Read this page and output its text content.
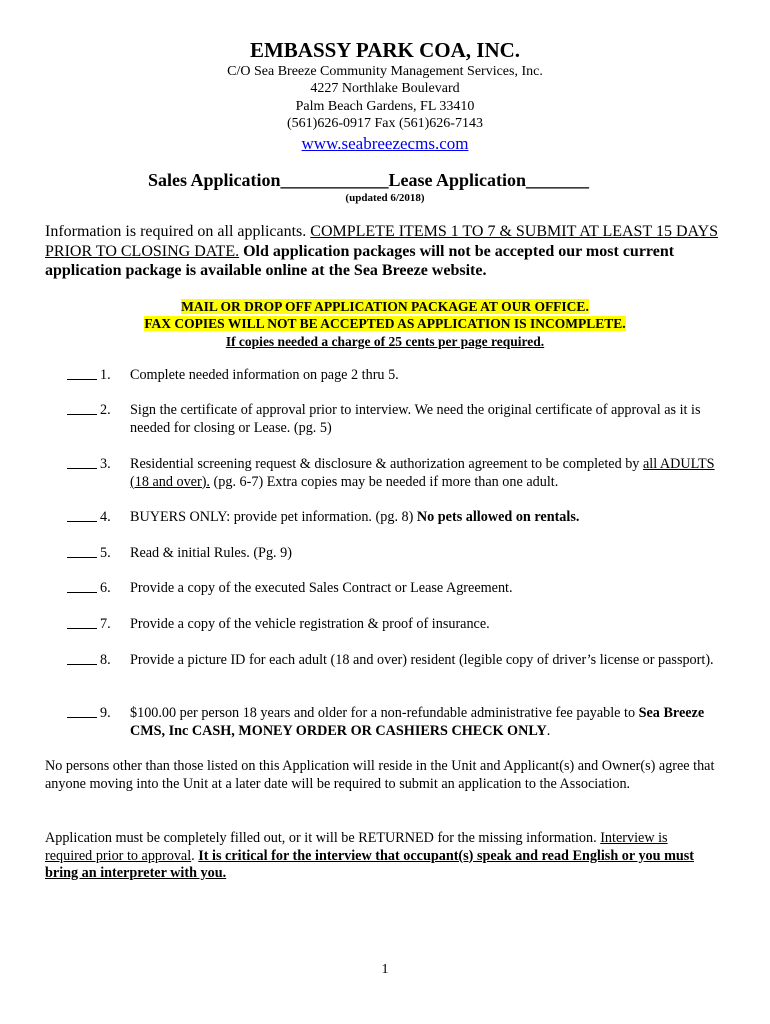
EMBASSY PARK COA, INC.
C/O Sea Breeze Community Management Services, Inc.
4227 Northlake Boulevard
Palm Beach Gardens, FL 33410
(561)626-0917 Fax (561)626-7143
www.seabreezecms.com
Sales Application____________Lease Application_______
(updated 6/2018)
Information is required on all applicants. COMPLETE ITEMS 1 TO 7 & SUBMIT AT LEAST 15 DAYS PRIOR TO CLOSING DATE. Old application packages will not be accepted our most current application package is available online at the Sea Breeze website.
MAIL OR DROP OFF APPLICATION PACKAGE AT OUR OFFICE.
FAX COPIES WILL NOT BE ACCEPTED AS APPLICATION IS INCOMPLETE.
If copies needed a charge of 25 cents per page required.
1. Complete needed information on page 2 thru 5.
2. Sign the certificate of approval prior to interview. We need the original certificate of approval as it is needed for closing or Lease. (pg. 5)
3. Residential screening request & disclosure & authorization agreement to be completed by all ADULTS (18 and over). (pg. 6-7) Extra copies may be needed if more than one adult.
4. BUYERS ONLY: provide pet information. (pg. 8) No pets allowed on rentals.
5. Read & initial Rules. (Pg. 9)
6. Provide a copy of the executed Sales Contract or Lease Agreement.
7. Provide a copy of the vehicle registration & proof of insurance.
8. Provide a picture ID for each adult (18 and over) resident (legible copy of driver’s license or passport).
9. $100.00 per person 18 years and older for a non-refundable administrative fee payable to Sea Breeze CMS, Inc CASH, MONEY ORDER OR CASHIERS CHECK ONLY.
No persons other than those listed on this Application will reside in the Unit and Applicant(s) and Owner(s) agree that anyone moving into the Unit at a later date will be required to submit an application to the Association.
Application must be completely filled out, or it will be RETURNED for the missing information. Interview is required prior to approval. It is critical for the interview that occupant(s) speak and read English or you must bring an interpreter with you.
1
